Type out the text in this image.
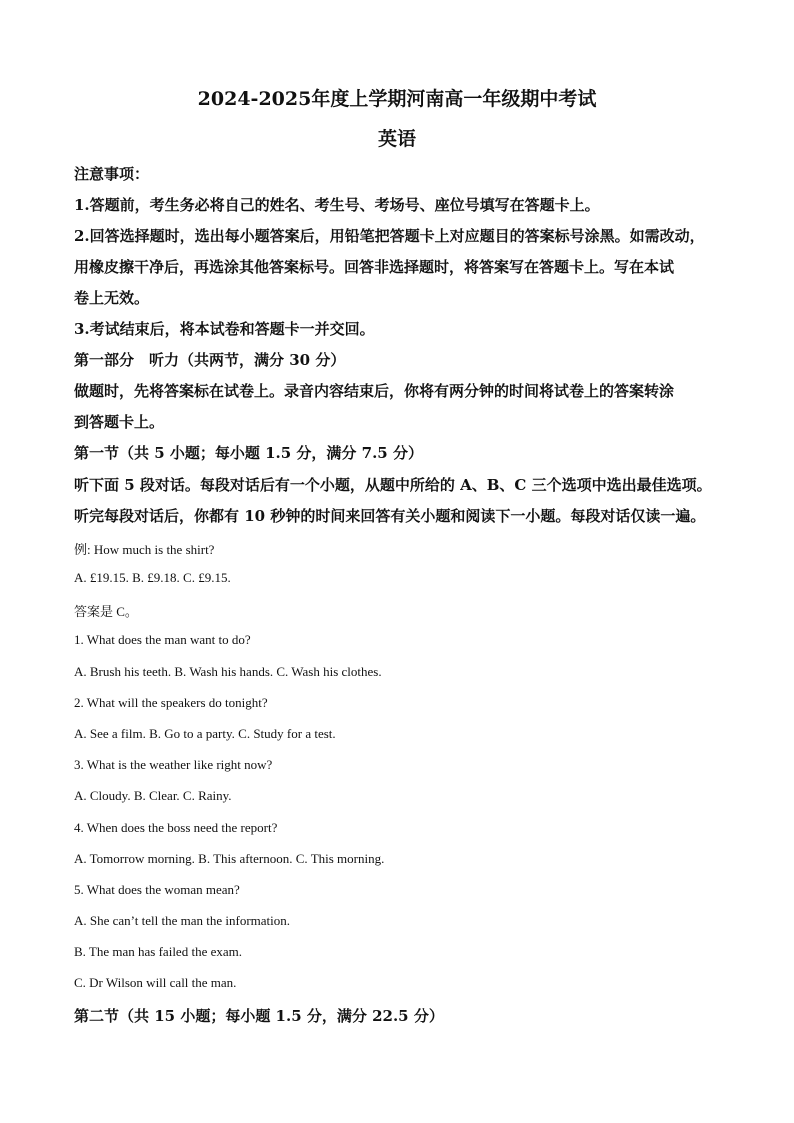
2024-2025年度上学期河南高一年级期中考试
英语
注意事项：
1.答题前，考生务必将自己的姓名、考生号、考场号、座位号填写在答题卡上。
2.回答选择题时，选出每小题答案后，用铅笔把答题卡上对应题目的答案标号涂黑。如需改动，
用橡皮擦干净后，再选涂其他答案标号。回答非选择题时，将答案写在答题卡上。写在本试
卷上无效。
3.考试结束后，将本试卷和答题卡一并交回。
第一部分　听力（共两节，满分 30 分）
做题时，先将答案标在试卷上。录音内容结束后，你将有两分钟的时间将试卷上的答案转涂
到答题卡上。
第一节（共 5 小题；每小题 1.5 分，满分 7.5 分）
听下面 5 段对话。每段对话后有一个小题，从题中所给的 A、B、C 三个选项中选出最佳选项。
听完每段对话后，你都有 10 秒钟的时间来回答有关小题和阅读下一小题。每段对话仅读一遍。
例: How much is the shirt?
A. £19.15. B. £9.18. C. £9.15.
答案是 C。
1. What does the man want to do?
A. Brush his teeth. B. Wash his hands. C. Wash his clothes.
2. What will the speakers do tonight?
A. See a film. B. Go to a party. C. Study for a test.
3. What is the weather like right now?
A. Cloudy. B. Clear. C. Rainy.
4. When does the boss need the report?
A. Tomorrow morning. B. This afternoon. C. This morning.
5. What does the woman mean?
A. She can’t tell the man the information.
B. The man has failed the exam.
C. Dr Wilson will call the man.
第二节（共 15 小题；每小题 1.5 分，满分 22.5 分）
